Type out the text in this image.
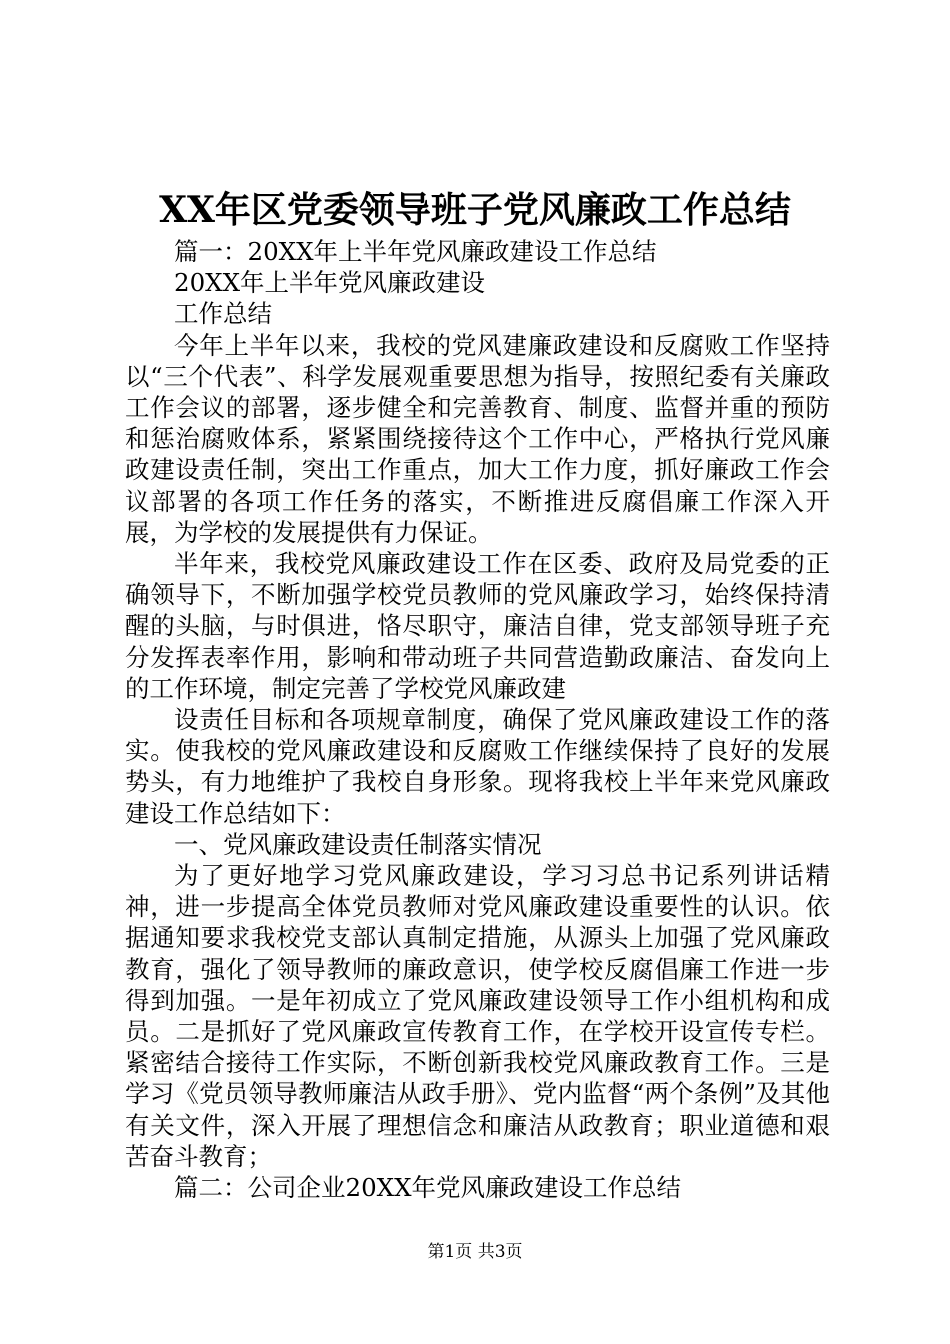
XX年区党委领导班子党风廉政工作总结

篇一：20XX年上半年党风廉政建设工作总结

20XX年上半年党风廉政建设

工作总结

今年上半年以来，我校的党风建廉政建设和反腐败工作坚持以“三个代表”、科学发展观重要思想为指导，按照纪委有关廉政工作会议的部署，逐步健全和完善教育、制度、监督并重的预防和惩治腐败体系，紧紧围绕接待这个工作中心，严格执行党风廉政建设责任制，突出工作重点，加大工作力度，抓好廉政工作会议部署的各项工作任务的落实，不断推进反腐倡廉工作深入开展，为学校的发展提供有力保证。

半年来，我校党风廉政建设工作在区委、政府及局党委的正确领导下，不断加强学校党员教师的党风廉政学习，始终保持清醒的头脑，与时俱进，恪尽职守，廉洁自律，党支部领导班子充分发挥表率作用，影响和带动班子共同营造勤政廉洁、奋发向上的工作环境，制定完善了学校党风廉政建

设责任目标和各项规章制度，确保了党风廉政建设工作的落实。使我校的党风廉政建设和反腐败工作继续保持了良好的发展势头，有力地维护了我校自身形象。现将我校上半年来党风廉政建设工作总结如下：

一、党风廉政建设责任制落实情况

为了更好地学习党风廉政建设，学习习总书记系列讲话精神，进一步提高全体党员教师对党风廉政建设重要性的认识。依据通知要求我校党支部认真制定措施，从源头上加强了党风廉政教育，强化了领导教师的廉政意识，使学校反腐倡廉工作进一步得到加强。一是年初成立了党风廉政建设领导工作小组机构和成员。二是抓好了党风廉政宣传教育工作，在学校开设宣传专栏。紧密结合接待工作实际，不断创新我校党风廉政教育工作。三是学习《党员领导教师廉洁从政手册》、党内监督“两个条例”及其他有关文件，深入开展了理想信念和廉洁从政教育；职业道德和艰苦奋斗教育；

篇二：公司企业20XX年党风廉政建设工作总结

第1页 共3页
